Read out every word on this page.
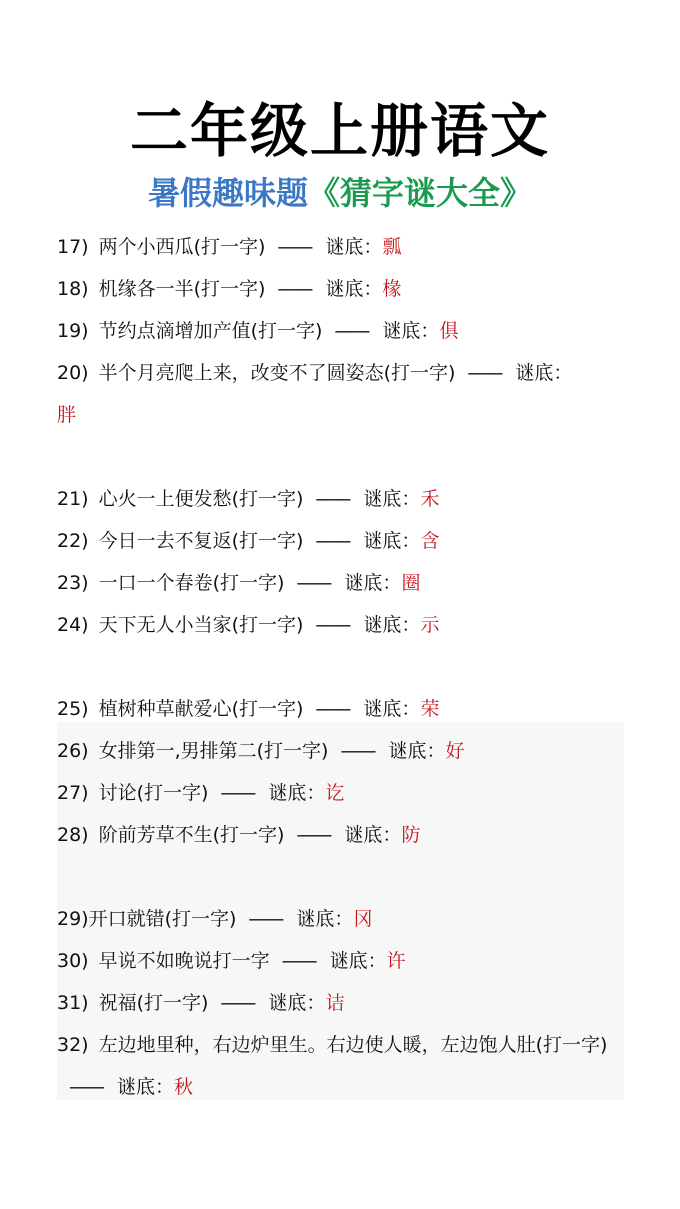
二年级上册语文
暑假趣味题《猜字谜大全》
17) 两个小西瓜(打一字) —— 谜底：瓢
18) 机缘各一半(打一字) —— 谜底：椽
19) 节约点滴增加产值(打一字) —— 谜底：俱
20) 半个月亮爬上来，改变不了圆姿态(打一字) —— 谜底：
胖
21) 心火一上便发愁(打一字) —— 谜底：禾
22) 今日一去不复返(打一字) —— 谜底：含
23) 一口一个春卷(打一字) —— 谜底：圈
24) 天下无人小当家(打一字) —— 谜底：示
25) 植树种草献爱心(打一字) —— 谜底：荣
26) 女排第一,男排第二(打一字) —— 谜底：好
27) 讨论(打一字) —— 谜底：讫
28) 阶前芳草不生(打一字) —— 谜底：防
29)开口就错(打一字) —— 谜底：冈
30) 早说不如晚说打一字 —— 谜底：许
31) 祝福(打一字) —— 谜底：诘
32) 左边地里种，右边炉里生。右边使人暖，左边饱人肚(打一字)—— 谜底：秋
